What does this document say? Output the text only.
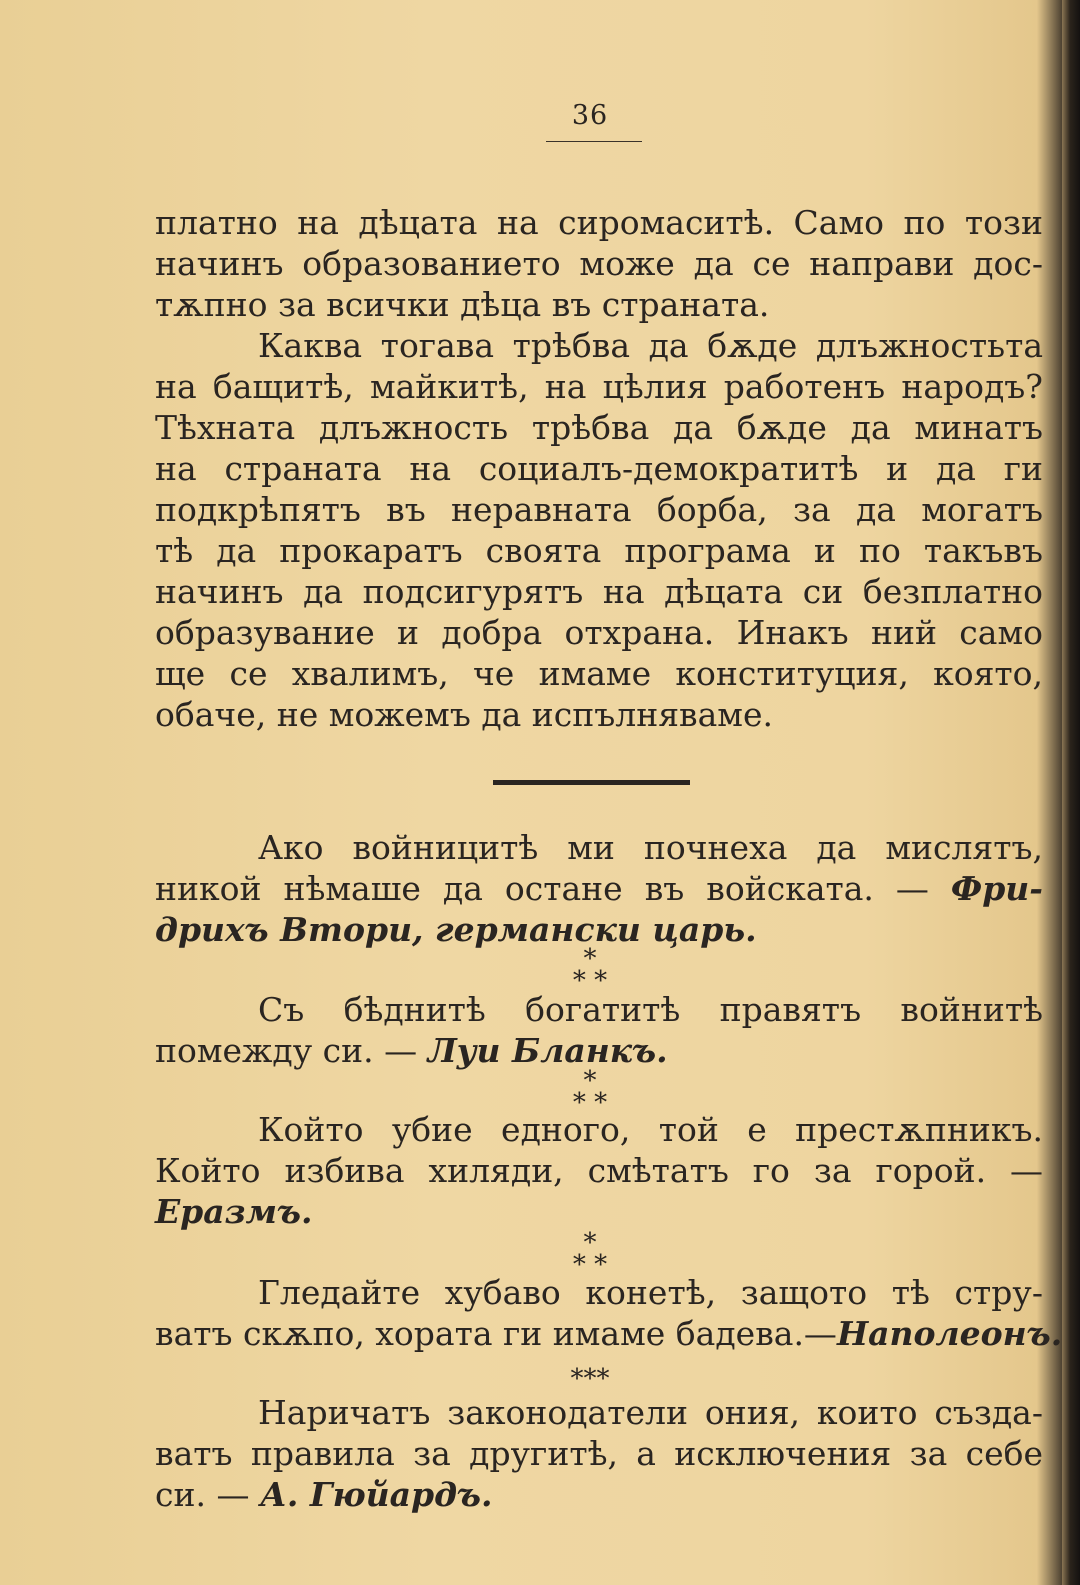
36
платно на дѣцата на сиромаситѣ. Само по този
начинъ образованието може да се направи дос-
тѫпно за всички дѣца въ страната.
Каква тогава трѣбва да бѫде длъжностьта
на бащитѣ, майкитѣ, на цѣлия работенъ народъ?
Тѣхната длъжность трѣбва да бѫде да минатъ
на страната на социалъ-демократитѣ и да ги
подкрѣпятъ въ неравната борба, за да могатъ
тѣ да прокаратъ своята програма и по такъвъ
начинъ да подсигурятъ на дѣцата си безплатно
образувание и добра отхрана. Инакъ ний само
ще се хвалимъ, че имаме конституция, която,
обаче, не можемъ да испълняваме.
Ако войницитѣ ми почнеха да мислятъ,
никой нѣмаше да остане въ войската. — Фри-
дрихъ Втори, германски царь.
*
* *
Съ бѣднитѣ богатитѣ правятъ войнитѣ
помежду си. — Луи Бланкъ.
*
* *
Който убие едного, той е престѫпникъ.
Който избива хиляди, смѣтатъ го за горой. —
Еразмъ.
*
* *
Гледайте хубаво конетѣ, защото тѣ стру-
ватъ скѫпо, хората ги имаме бадева.—Наполеонъ.
***
Наричатъ законодатели ония, които създа-
ватъ правила за другитѣ, а исключения за себе
си. — А. Гюйардъ.
